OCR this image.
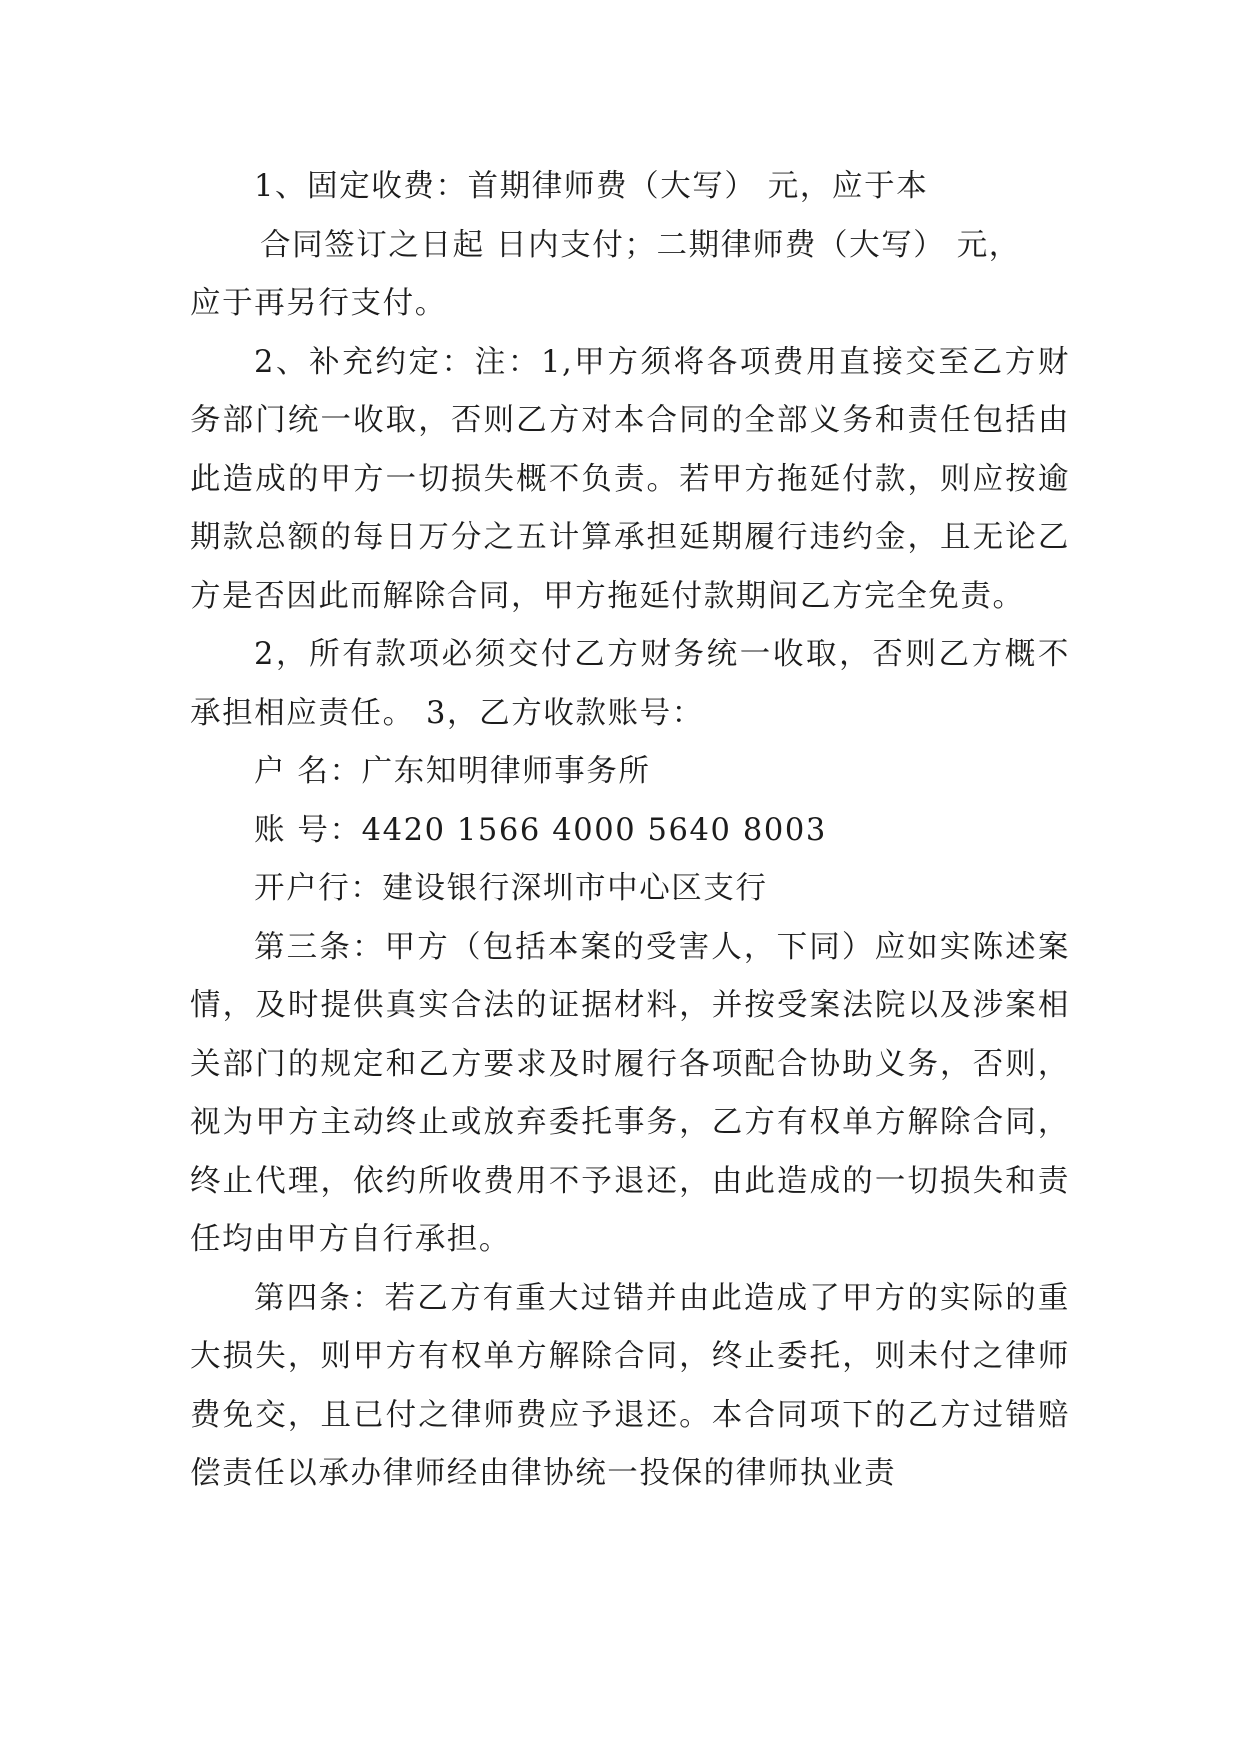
1、固定收费：首期律师费（大写） 元，应于本
合同签订之日起 日内支付；二期律师费（大写） 元，
应于再另行支付。

2、补充约定：注：1,甲方须将各项费用直接交至乙方财务部门统一收取，否则乙方对本合同的全部义务和责任包括由此造成的甲方一切损失概不负责。若甲方拖延付款，则应按逾期款总额的每日万分之五计算承担延期履行违约金，且无论乙方是否因此而解除合同，甲方拖延付款期间乙方完全免责。

2，所有款项必须交付乙方财务统一收取，否则乙方概不承担相应责任。 3，乙方收款账号：

户 名：广东知明律师事务所

账 号：4420 1566 4000 5640 8003

开户行：建设银行深圳市中心区支行

第三条：甲方（包括本案的受害人，下同）应如实陈述案情，及时提供真实合法的证据材料，并按受案法院以及涉案相关部门的规定和乙方要求及时履行各项配合协助义务，否则，视为甲方主动终止或放弃委托事务，乙方有权单方解除合同，终止代理，依约所收费用不予退还，由此造成的一切损失和责任均由甲方自行承担。

第四条：若乙方有重大过错并由此造成了甲方的实际的重大损失，则甲方有权单方解除合同，终止委托，则未付之律师费免交，且已付之律师费应予退还。本合同项下的乙方过错赔偿责任以承办律师经由律协统一投保的律师执业责
